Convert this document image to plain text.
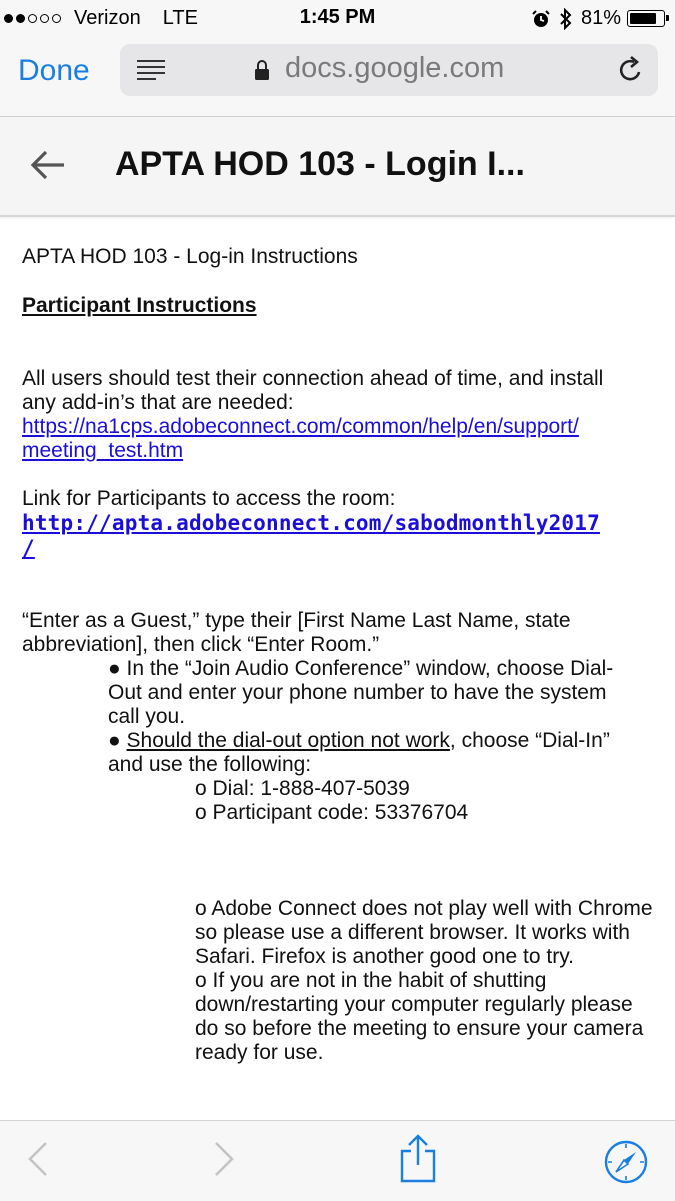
Verizon LTE	1:45 PM	81%
Done	docs.google.com
APTA HOD 103 - Login I...

APTA HOD 103 - Log-in Instructions

Participant Instructions

All users should test their connection ahead of time, and install any add-in’s that are needed:

https://na1cps.adobeconnect.com/common/help/en/support/
meeting_test.htm

Link for Participants to access the room:

http://apta.adobeconnect.com/sabodmonthly2017
/

“Enter as a Guest,” type their [First Name Last Name, state abbreviation], then click “Enter Room.”

● In the “Join Audio Conference” window, choose Dial-Out and enter your phone number to have the system call you.

● Should the dial-out option not work, choose “Dial-In” and use the following:

o Dial: 1-888-407-5039

o Participant code: 53376704

o Adobe Connect does not play well with Chrome so please use a different browser. It works with Safari. Firefox is another good one to try.

o If you are not in the habit of shutting down/restarting your computer regularly please do so before the meeting to ensure your camera ready for use.
